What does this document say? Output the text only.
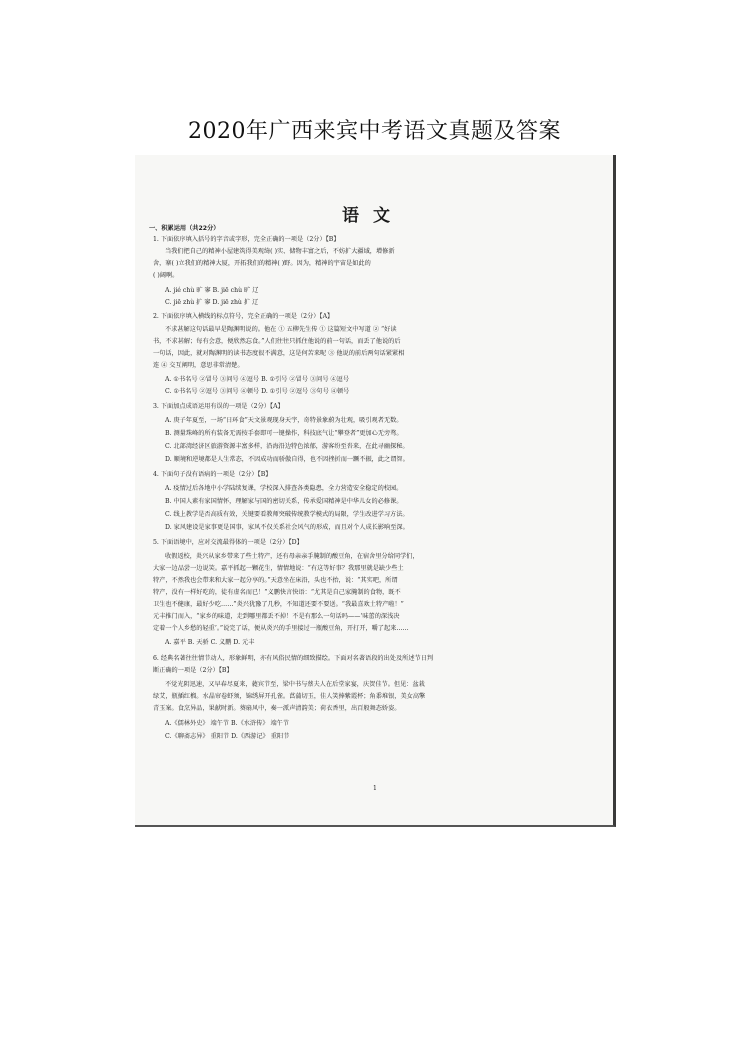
2020年广西来宾中考语文真题及答案
语文
一、积累运用（共22分）
1. 下面依序填入括号的字音或字形，完全正确的一项是（2分）【B】
当我们把自己的精神小屋建筑得美观绮( )实、储物丰富之后，不妨扩大疆域，增修新
舍，寨( )立我们的精神大厦，开拓我们的精神( )野。因为，精神的宇宙是如此的
( )阔啊。
A. jié chù 旷 寥 B. jiē chù 旷 辽
C. jiē zhù 扩 寥 D. jiē zhù 扩 辽
2. 下面依序填入横线的标点符号，完全正确的一项是（2分）【A】
不求甚解这句话最早是陶渊明说的。他在 ① 五柳先生传 ① 这篇短文中写道 ② “好读
书，不求甚解；每有会意，便欣然忘食。”人们往往只抓住他说的前一句话，而丢了他说的后
一句话，因此，就对陶渊明的读书态度很不满意，这是何苦来呢 ③ 他说的前后两句话紧紧相
连 ④ 交互阐明，意思非常清楚。
A. ①书名号 ②冒号 ③问号 ④逗号 B. ①引号 ②冒号 ③问号 ④逗号
C. ①书名号 ②逗号 ③问号 ④顿号 D. ①引号 ②逗号 ③句号 ④顿号
3. 下面加点成语运用有误的一项是（2分）【A】
A. 庚子年夏至，一场“日环食”天文景观现身天宇，奇特景象蔚为壮观，吸引观者无数。
B. 测量珠峰的所有装备无需按手套即可一键操作，科技底气让“攀登者”更加心无旁骛。
C. 北部湾经济区旅游资源丰富多样，沿海沿边特色浓郁，游客纷至沓来，在此寻幽探秘。
D. 顺境和逆境都是人生常态，不因成功而骄傲自得，也不因挫折而一蹶不振，此之谓智。
4. 下面句子没有语病的一项是（2分）【B】
A. 疫情过后各地中小学陆续复课，学校深入排查各类隐患，全力营造安全稳定的校园。
B. 中国人素有家国情怀，理解家与国的密切关系，传承爱国精神是中华儿女的必修课。
C. 线上教学是否高质有效，关键要看教师突破传统教学模式的局限，学生改进学习方法。
D. 家风建设是家事更是国事，家风不仅关系社会风气的形成，而且对个人成长影响至深。
5. 下面语境中，应对交流最得体的一项是（2分）【D】
收假返校，炎兴从家乡带来了些土特产，还有母亲亲手腌制的酸豆角，在宿舍里分给同学们，
大家一边品尝一边说笑。嘉平抓起一颗花生，情情地说：“有这等好事？我那里就是缺少些土
特产，不然我也会带来和大家一起分享的。”天意坐在床沿，头也不抬，说：“其实吧，所谓
特产，没有一样好吃的，徒有虚名而已！”义鹏快言快语：“尤其是自己家腌制的食物，既不
卫生也不健康，最好少吃……”炎兴犹豫了几秒，不知道还要不要送。“我最喜欢土特产啦！”
元丰推门而入，“家乡的味道，走到哪里都丢不掉！不是有那么一句话吗——‘味蕾的深浅决
定着一个人乡愁的轻重’。”说完了话，便从炎兴的手里接过一瓶酸豆角，开打开，嚼了起来……
A. 嘉平 B. 天骄 C. 义鹏 D. 元丰
6. 经典名著往往情节动人，形象鲜明，亦有风俗民情的细致描绘。下面对名著语段的出处及所述节日判
断正确的一项是（2分）【B】
不觉光阴迅速，又早春尽夏来，蕤宾节至，梁中书与蔡夫人在后堂家宴，庆贺佳节。但见：盆栽
绿艾，瓶插红榴。水晶帘卷虾须，锦绣屏开孔雀。菖蒲切玉，佳人笑捧紫霞杯；角黍堆银，美女高擎
青玉案。食烹异品，果献时新。葵扇风中，奏一派声清韵美；荷衣香里，出百般舞态娇姿。
A.《儒林外史》 端午节 B.《水浒传》 端午节
C.《聊斋志异》 重阳节 D.《西游记》 重阳节
1
